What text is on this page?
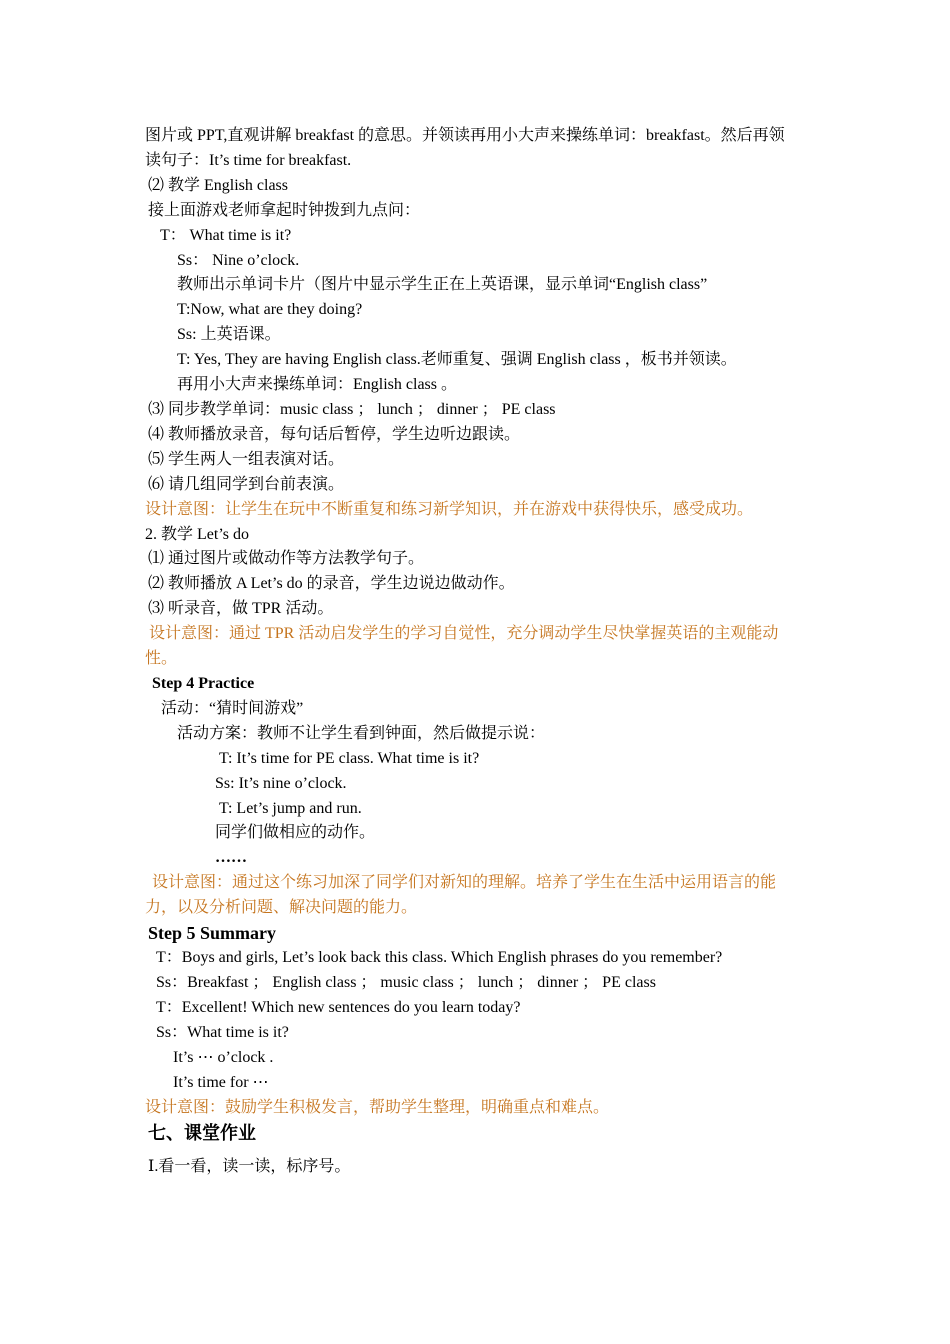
图片或 PPT,直观讲解 breakfast 的意思。并领读再用小大声来操练单词：breakfast。然后再领
读句子：It’s time for breakfast.
⑵ 教学 English class
接上面游戏老师拿起时钟拨到九点问：
T： What time is it?
Ss： Nine o’clock.
教师出示单词卡片（图片中显示学生正在上英语课，显示单词“English class”
T:Now, what are they doing?
Ss: 上英语课。
T: Yes, They are having English class.老师重复、强调 English class ，板书并领读。
再用小大声来操练单词：English class 。
⑶ 同步教学单词：music class ； lunch ； dinner ； PE class
⑷ 教师播放录音，每句话后暂停，学生边听边跟读。
⑸ 学生两人一组表演对话。
⑹ 请几组同学到台前表演。
设计意图：让学生在玩中不断重复和练习新学知识，并在游戏中获得快乐，感受成功。
2. 教学 Let’s do
⑴ 通过图片或做动作等方法教学句子。
⑵ 教师播放 A Let’s do 的录音，学生边说边做动作。
⑶ 听录音，做 TPR 活动。
设计意图：通过 TPR 活动启发学生的学习自觉性，充分调动学生尽快掌握英语的主观能动
性。
Step 4 Practice
活动：“猜时间游戏”
活动方案：教师不让学生看到钟面，然后做提示说：
T: It’s time for PE class. What time is it?
Ss: It’s nine o’clock.
T: Let’s jump and run.
同学们做相应的动作。
……
设计意图：通过这个练习加深了同学们对新知的理解。培养了学生在生活中运用语言的能
力，以及分析问题、解决问题的能力。
Step 5 Summary
T：Boys and girls, Let’s look back this class. Which English phrases do you remember?
Ss：Breakfast ； English class ； music class ； lunch ； dinner ； PE class
T：Excellent! Which new sentences do you learn today?
Ss：What time is it?
It’s ⋯ o’clock .
It’s time for ⋯
设计意图：鼓励学生积极发言，帮助学生整理，明确重点和难点。
七、课堂作业
Ⅰ.看一看，读一读，标序号。
